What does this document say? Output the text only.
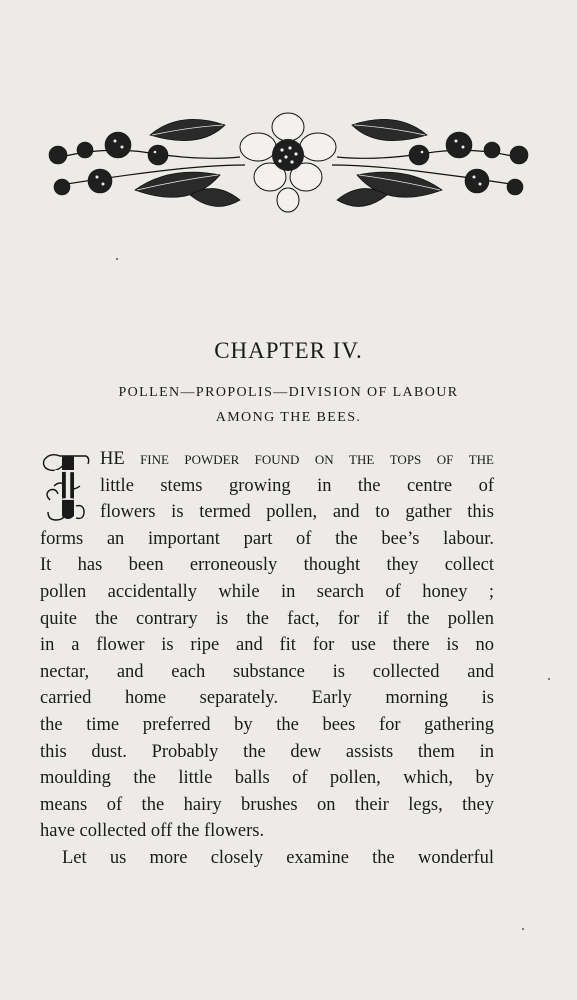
CHAPTER IV.
POLLEN—PROPOLIS—DIVISION OF LABOUR
AMONG THE BEES.
T HE fine powder found on the tops of the
little stems growing in the centre of
flowers is termed pollen, and to gather this
forms an important part of the bee’s labour.
It has been erroneously thought they collect
pollen accidentally while in search of honey ;
quite the contrary is the fact, for if the pollen
in a flower is ripe and fit for use there is no
nectar, and each substance is collected and
carried home separately. Early morning is
the time preferred by the bees for gathering
this dust. Probably the dew assists them in
moulding the little balls of pollen, which, by
means of the hairy brushes on their legs, they
have collected off the flowers.
Let us more closely examine the wonderful
